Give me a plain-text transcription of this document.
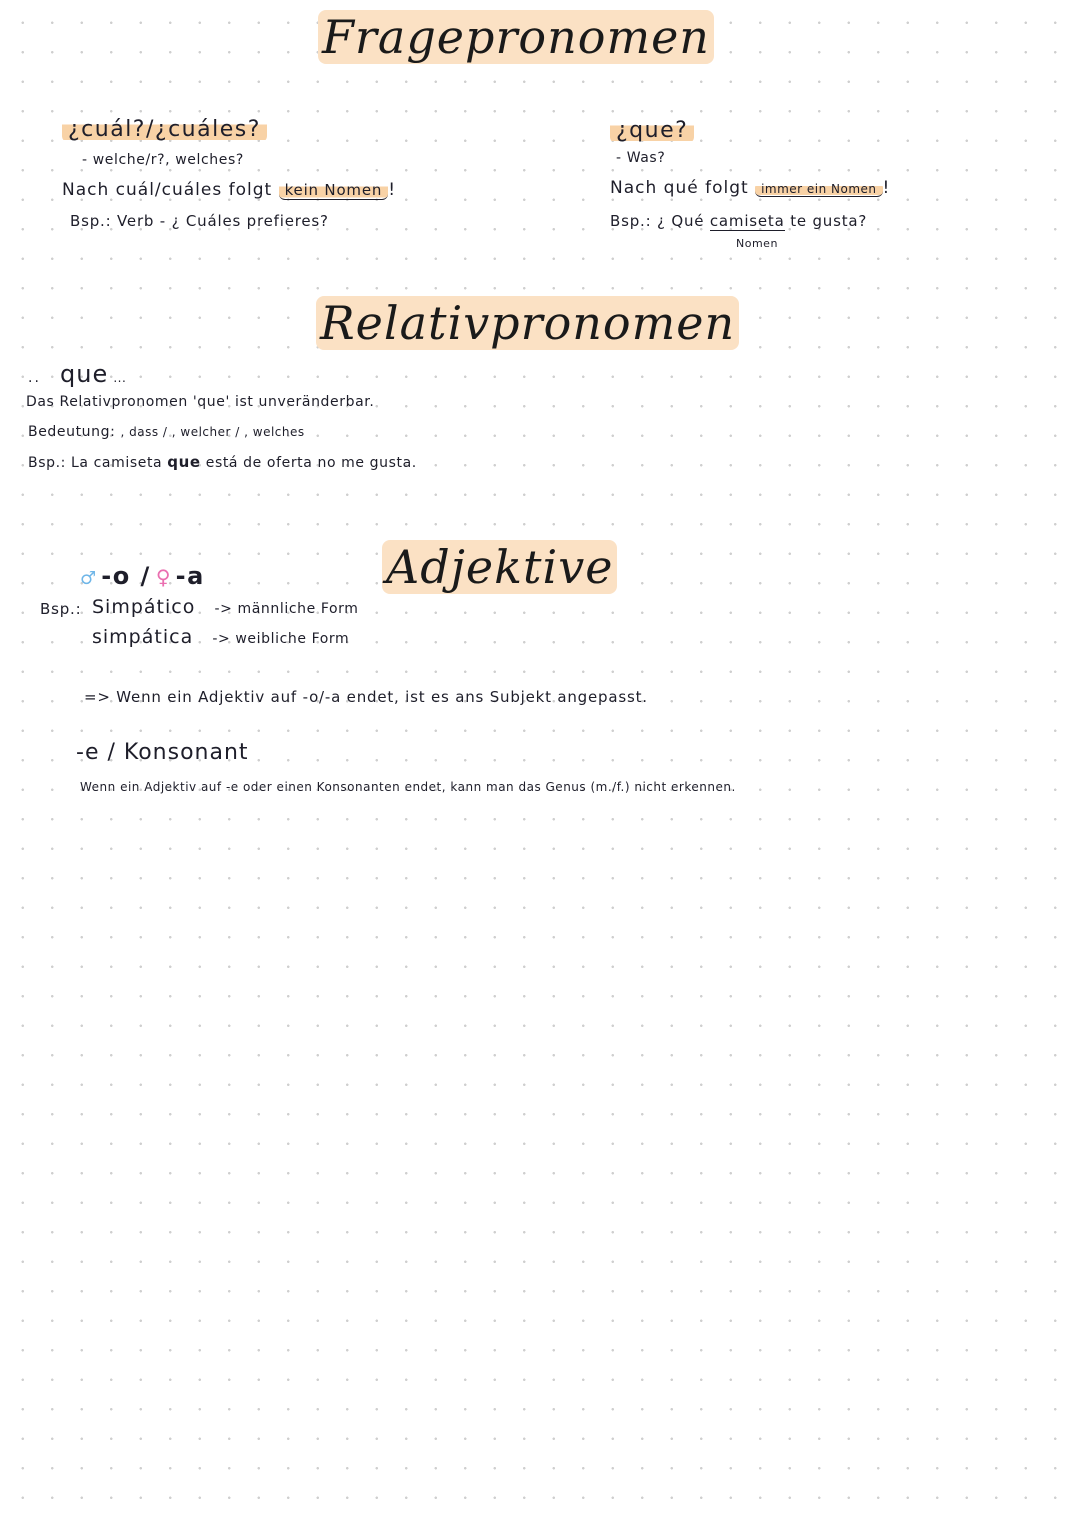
Fragepronomen
¿cuál?/¿cuáles?
- welche/r?, welches?
Nach cuál/cuáles folgt kein Nomen !
Bsp.: Verb - ¿ Cuáles prefieres?
¿que?
- Was?
Nach qué folgt immer ein Nomen !
Bsp.: ¿ Qué camiseta te gusta?
Nomen
Relativpronomen
.. que ...
Das Relativpronomen 'que' ist unveränderbar.
Bedeutung: , dass / , welcher / , welches
Bsp.: La camiseta que está de oferta no me gusta.
Adjektive
♂ -o / ♀ -a
Bsp.: Simpático -> männliche Form
simpática -> weibliche Form
=> Wenn ein Adjektiv auf -o/-a endet, ist es ans Subjekt angepasst.
-e / Konsonant
Wenn ein Adjektiv auf -e oder einen Konsonanten endet, kann man das Genus (m./f.) nicht erkennen.
